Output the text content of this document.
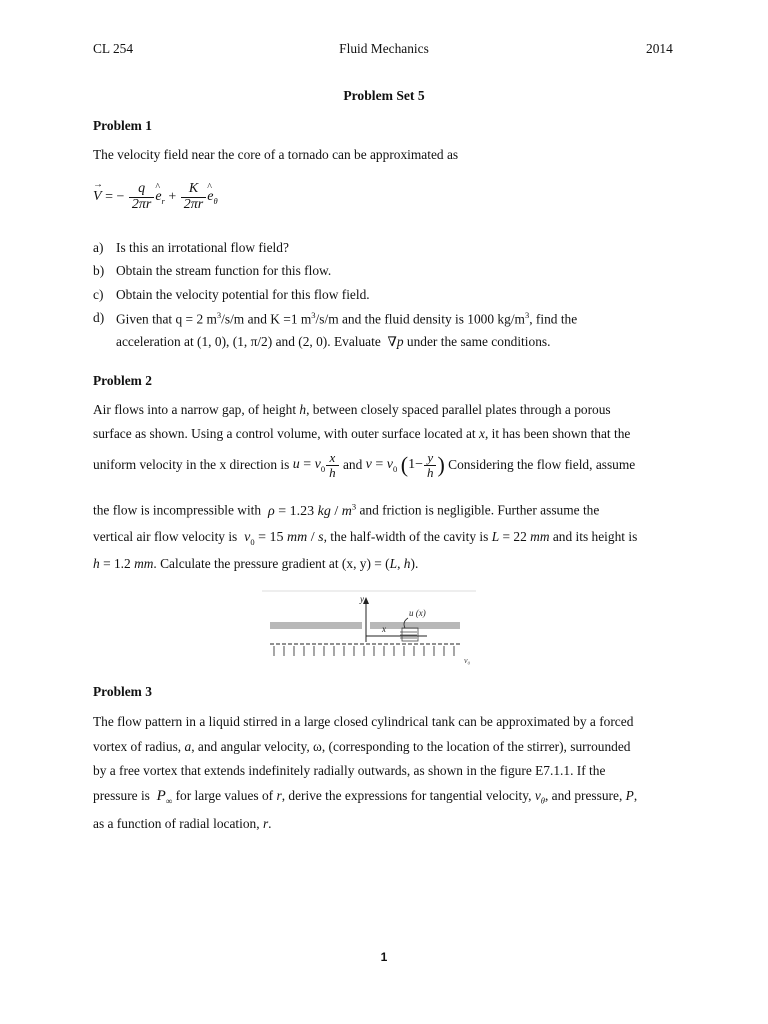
CL 254	Fluid Mechanics	2014
Problem Set 5
Problem 1
The velocity field near the core of a tornado can be approximated as
→ V = − $\frac{q}{2\pi r}$ ^ $e_r + \frac{K}{2\pi r}$ ^ $e_\theta$
a) Is this an irrotational flow field?
b) Obtain the stream function for this flow.
c) Obtain the velocity potential for this flow field.
d) Given that q = 2 $m^3/s/m$ and K =1 $m^3/s/m$ and the fluid density is 1000 $kg/m^3$, find the
acceleration at (1, 0), (1, π/2) and (2, 0). Evaluate  ∇p under the same conditions.
Problem 2
Air flows into a narrow gap, of height h, between closely spaced parallel plates through a porous
surface as shown. Using a control volume, with outer surface located at x, it has been shown that the
uniform velocity in the x direction is $u = v_0 \frac{x}{h}$ and $v = v_0$ ($1- \frac{y}{h}$ ) Considering the flow field, assume
the flow is incompressible with ρ = 1.23 kg / $m^3$ and friction is negligible. Further assume the
vertical air flow velocity is $v_0 = 15$ mm / s, the half-width of the cavity is L = 22 mm and its height is
h = 1.2 mm. Calculate the pressure gradient at (x, y) = (L, h).
y
x
u (x)
v₀
Problem 3
The flow pattern in a liquid stirred in a large closed cylindrical tank can be approximated by a forced
vortex of radius, a, and angular velocity, ω, (corresponding to the location of the stirrer), surrounded
by a free vortex that extends indefinitely radially outwards, as shown in the figure E7.1.1. If the
pressure is $P_\infty$ for large values of r, derive the expressions for tangential velocity, $v_\theta$, and pressure, P,
as a function of radial location, r.
1
